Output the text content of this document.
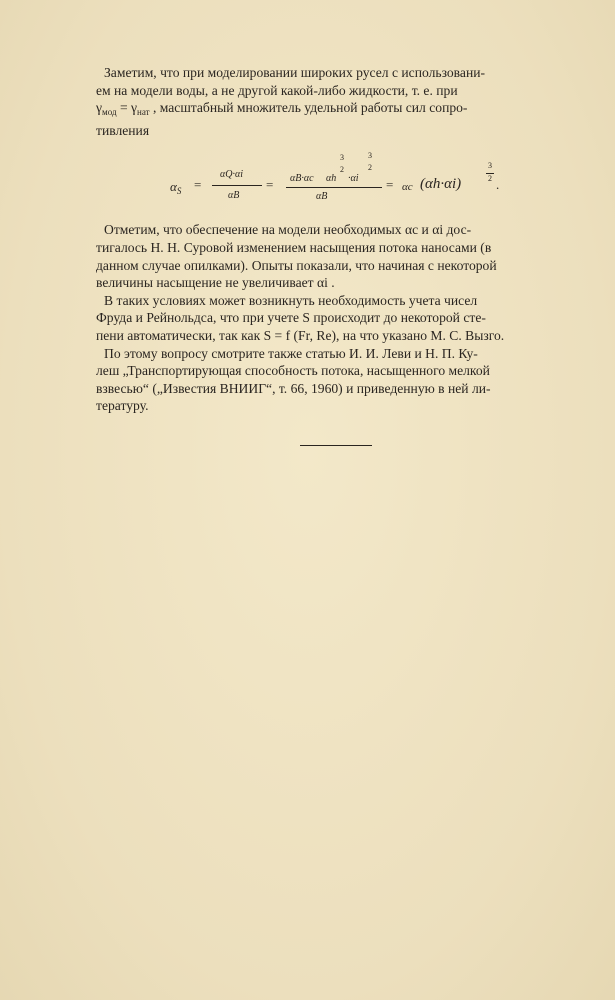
Заметим, что при моделировании широких русел с использовани-

ем на модели воды, а не другой какой-либо жидкости, т. е. при

$\gamma_{мод} = \gamma_{нат}$ , масштабный множитель удельной работы сил сопро-

тивления

$\alpha_S$ =
αQ·αi
αB
=
3
2
3
2
αB·αc αh ·αi
αB
= αc (αh·αi)
3
2 .

Отметим, что обеспечение на модели необходимых αc и αi дос-

тигалось Н. Н. Суровой изменением насыщения потока наносами (в

данном случае опилками). Опыты показали, что начиная с некоторой

величины насыщение не увеличивает αi .

В таких условиях может возникнуть необходимость учета чисел

Фруда и Рейнольдса, что при учете S происходит до некоторой сте-

пени автоматически, так как S = f (Fr, Re), на что указано М. С. Вызго.

По этому вопросу смотрите также статью И. И. Леви и Н. П. Ку-

леш „Транспортирующая способность потока, насыщенного мелкой

взвесью“ („Известия ВНИИГ“, т. 66, 1960) и приведенную в ней ли-

тературу.
